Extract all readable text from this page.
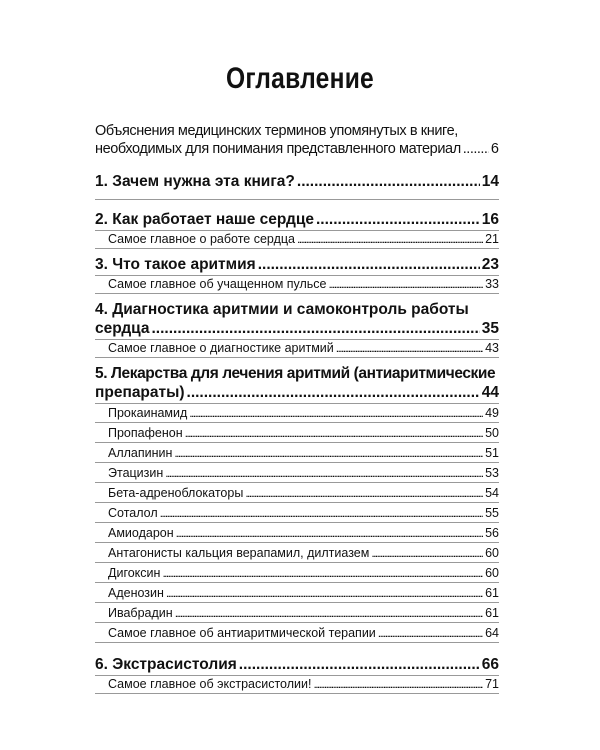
Оглавление
Объяснения медицинских терминов упомянутых в книге,
необходимых для понимания представленного материал ..... 6
1. Зачем нужна эта книга? .....	14
2. Как работает наше сердце .....	16
Самое главное о работе сердца .....	21
3. Что такое аритмия .....	23
Самое главное об учащенном пульсе .....	33
4. Диагностика аритмии и самоконтроль работы
сердца .....	35
Самое главное о диагностике аритмий .....	43
5. Лекарства для лечения аритмий (антиаритмические
препараты) .....	44
Прокаинамид .....	49
Пропафенон .....	50
Аллапинин .....	51
Этацизин .....	53
Бета-адреноблокаторы .....	54
Соталол .....	55
Амиодарон .....	56
Антагонисты кальция верапамил, дилтиазем .....	60
Дигоксин .....	60
Аденозин .....	61
Ивабрадин .....	61
Самое главное об антиаритмической терапии .....	64
6. Экстрасистолия .....	66
Самое главное об экстрасистолии! .....	71
